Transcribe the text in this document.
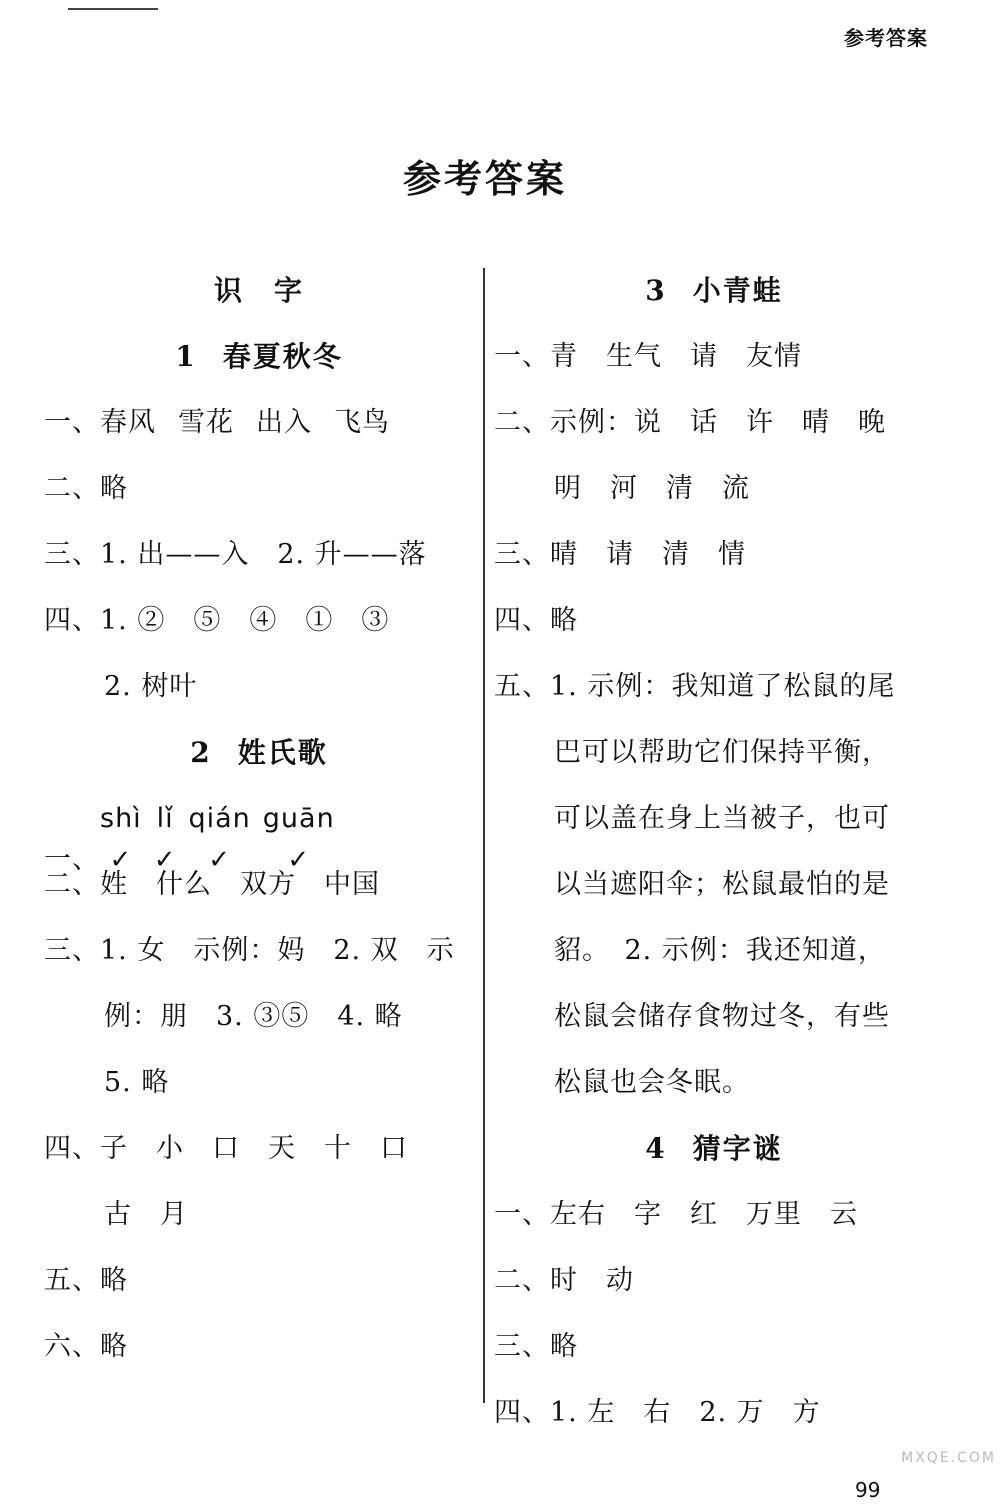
参考答案
参考答案
识　字
1 春夏秋冬
一、春风 雪花 出入 飞鸟
二、略
三、1. 出——入　2. 升——落
四、1. ②　⑤　④　①　③
2. 树叶
2 姓氏歌
一、shì
✓
lǐ
✓
qián
✓
guān
✓
二、姓　什么　双方　中国
三、1. 女　示例：妈　2. 双　示
例：朋　3. ③⑤　4. 略
5. 略
四、子　小　口　天　十　口
古　月
五、略
六、略
3 小青蛙
一、青　生气　请　友情
二、示例：说　话　许　晴　晚
明　河　清　流
三、晴　请　清　情
四、略
五、1. 示例：我知道了松鼠的尾
巴可以帮助它们保持平衡，
可以盖在身上当被子，也可
以当遮阳伞；松鼠最怕的是
貂。　2. 示例：我还知道，
松鼠会储存食物过冬，有些
松鼠也会冬眠。
4 猜字谜
一、左右　字　红　万里　云
二、时　动
三、略
四、1. 左　右　2. 万　方
99
MXQE.COM
